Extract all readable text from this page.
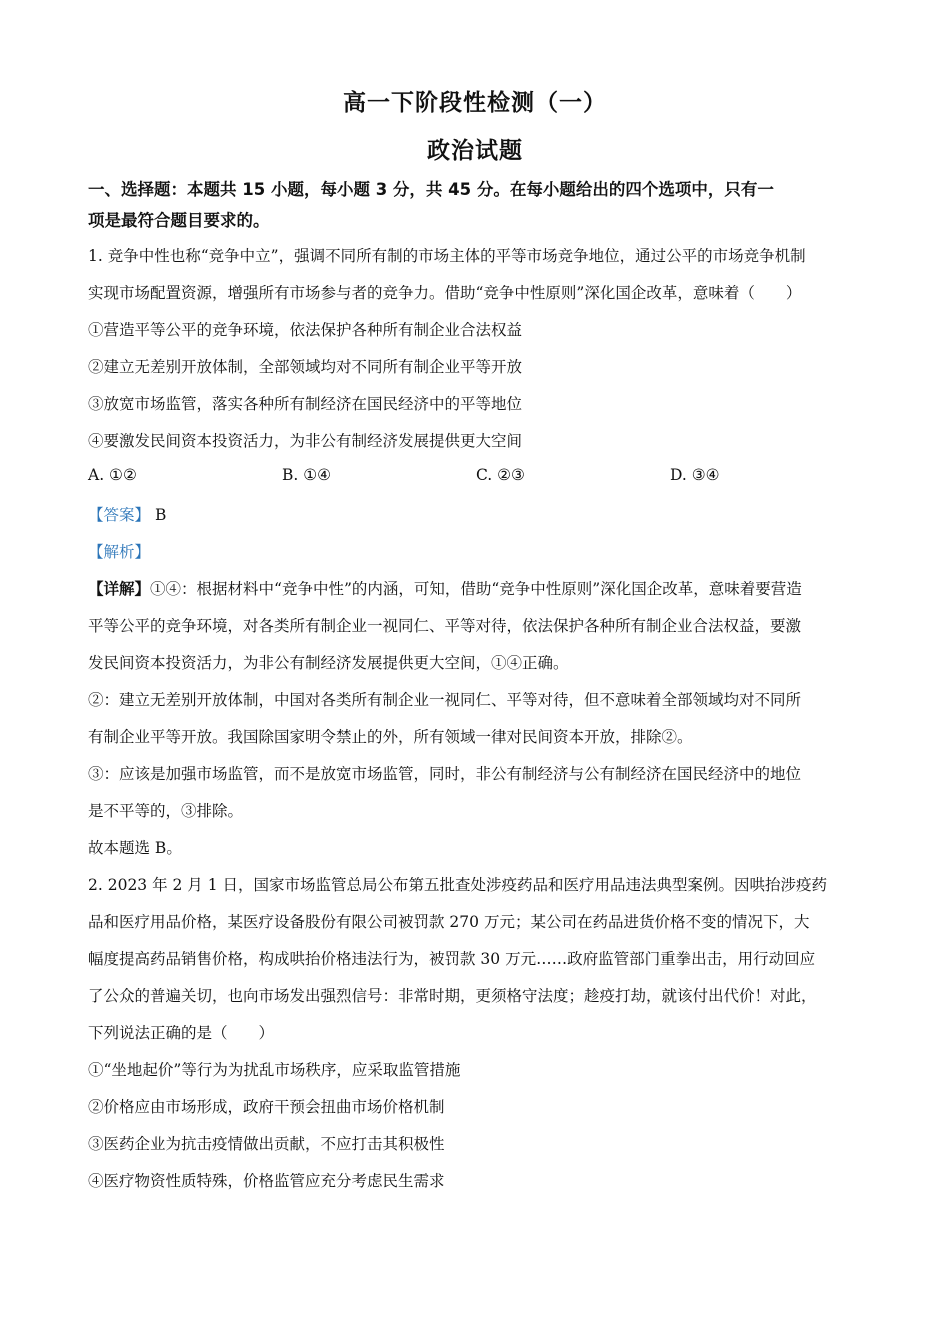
高一下阶段性检测（一）
政治试题
一、选择题：本题共 15 小题，每小题 3 分，共 45 分。在每小题给出的四个选项中，只有一
项是最符合题目要求的。
1. 竞争中性也称“竞争中立”，强调不同所有制的市场主体的平等市场竞争地位，通过公平的市场竞争机制
实现市场配置资源，增强所有市场参与者的竞争力。借助“竞争中性原则”深化国企改革，意味着（　　）
①营造平等公平的竞争环境，依法保护各种所有制企业合法权益
②建立无差别开放体制，全部领域均对不同所有制企业平等开放
③放宽市场监管，落实各种所有制经济在国民经济中的平等地位
④要激发民间资本投资活力，为非公有制经济发展提供更大空间
A. ①②	B. ①④	C. ②③	D. ③④
【答案】 B
【解析】
【详解】①④：根据材料中“竞争中性”的内涵，可知，借助“竞争中性原则”深化国企改革，意味着要营造
平等公平的竞争环境，对各类所有制企业一视同仁、平等对待，依法保护各种所有制企业合法权益，要激
发民间资本投资活力，为非公有制经济发展提供更大空间，①④正确。
②：建立无差别开放体制，中国对各类所有制企业一视同仁、平等对待，但不意味着全部领域均对不同所
有制企业平等开放。我国除国家明令禁止的外，所有领域一律对民间资本开放，排除②。
③：应该是加强市场监管，而不是放宽市场监管，同时，非公有制经济与公有制经济在国民经济中的地位
是不平等的，③排除。
故本题选 B。
2. 2023 年 2 月 1 日，国家市场监管总局公布第五批查处涉疫药品和医疗用品违法典型案例。因哄抬涉疫药
品和医疗用品价格，某医疗设备股份有限公司被罚款 270 万元；某公司在药品进货价格不变的情况下，大
幅度提高药品销售价格，构成哄抬价格违法行为，被罚款 30 万元……政府监管部门重拳出击，用行动回应
了公众的普遍关切，也向市场发出强烈信号：非常时期，更须格守法度；趁疫打劫，就该付出代价！对此，
下列说法正确的是（　　）
①“坐地起价”等行为为扰乱市场秩序，应采取监管措施
②价格应由市场形成，政府干预会扭曲市场价格机制
③医药企业为抗击疫情做出贡献，不应打击其积极性
④医疗物资性质特殊，价格监管应充分考虑民生需求
